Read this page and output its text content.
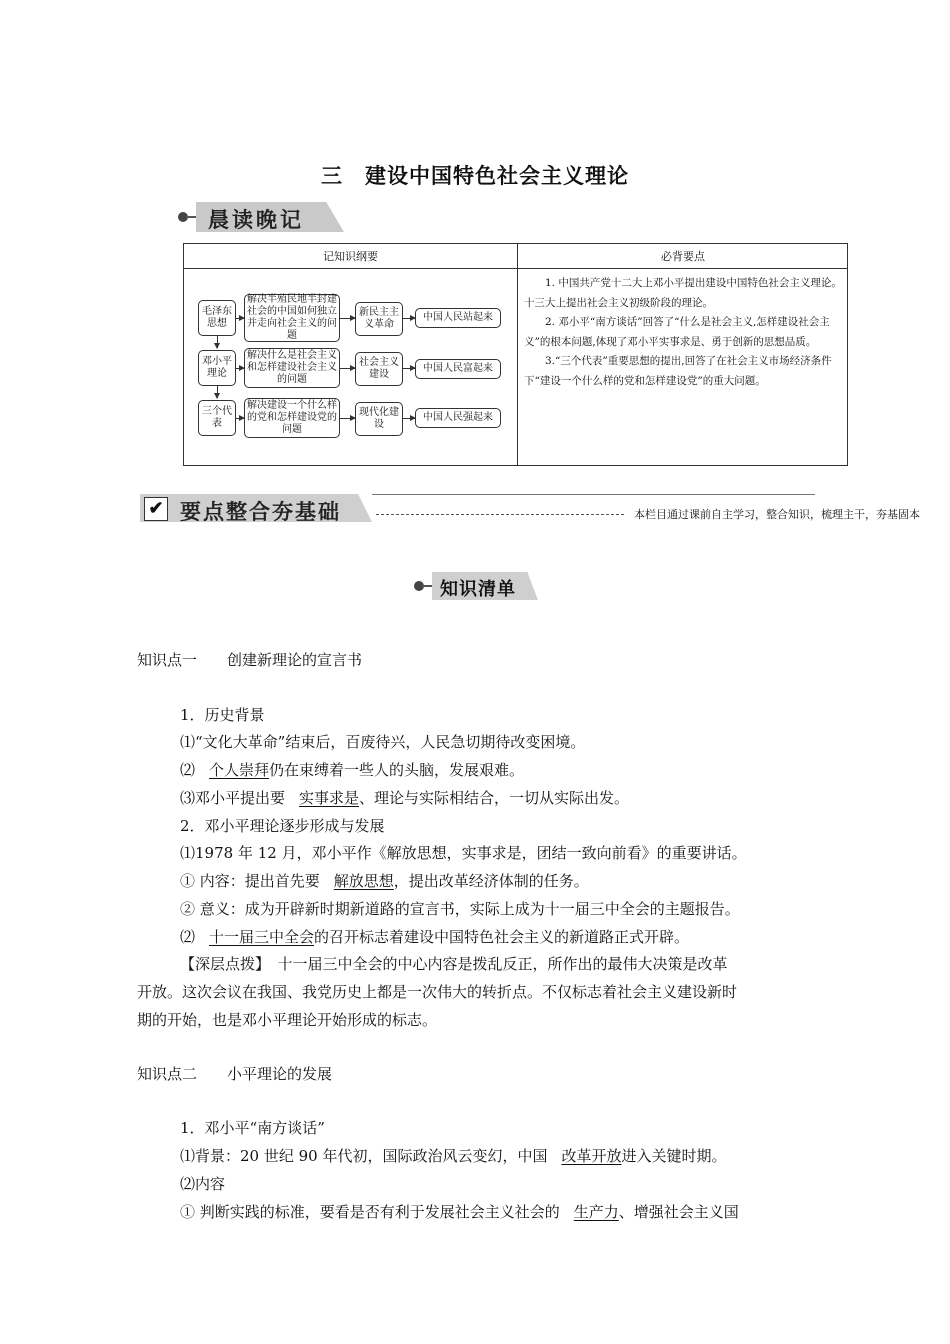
三　建设中国特色社会主义理论
晨读晚记
记知识纲要	必背要点
毛泽东思想
解决半殖民地半封建社会的中国如何独立并走向社会主义的问题
新民主主义革命
中国人民站起来
邓小平理论
解决什么是社会主义和怎样建设社会主义的问题
社会主义建设
中国人民富起来
三个代表
解决建设一个什么样的党和怎样建设党的问题
现代化建设
中国人民强起来

1. 中国共产党十二大上邓小平提出建设中国特色社会主义理论。十三大上提出社会主义初级阶段的理论。

2. 邓小平“南方谈话”回答了“什么是社会主义,怎样建设社会主义”的根本问题,体现了邓小平实事求是、勇于创新的思想品质。

3.“三个代表”重要思想的提出,回答了在社会主义市场经济条件下“建设一个什么样的党和怎样建设党”的重大问题。

✔ 要点整合夯基础	本栏目通过课前自主学习，整合知识，梳理主干，夯基固本
知识清单
知识点一　　创建新理论的宣言书
1．历史背景
⑴“文化大革命”结束后，百废待兴，人民急切期待改变困境。
⑵ 个人崇拜仍在束缚着一些人的头脑，发展艰难。
⑶邓小平提出要 实事求是、理论与实际相结合，一切从实际出发。
2．邓小平理论逐步形成与发展
⑴1978 年 12 月，邓小平作《解放思想，实事求是，团结一致向前看》的重要讲话。
① 内容：提出首先要 解放思想，提出改革经济体制的任务。
② 意义：成为开辟新时期新道路的宣言书，实际上成为十一届三中全会的主题报告。
⑵ 十一届三中全会的召开标志着建设中国特色社会主义的新道路正式开辟。
【深层点拨】　十一届三中全会的中心内容是拨乱反正，所作出的最伟大决策是改革
开放。这次会议在我国、我党历史上都是一次伟大的转折点。不仅标志着社会主义建设新时
期的开始，也是邓小平理论开始形成的标志。
知识点二　　小平理论的发展
1．邓小平“南方谈话”
⑴背景：20 世纪 90 年代初，国际政治风云变幻，中国 改革开放进入关键时期。
⑵内容
① 判断实践的标准，要看是否有利于发展社会主义社会的 生产力、增强社会主义国
